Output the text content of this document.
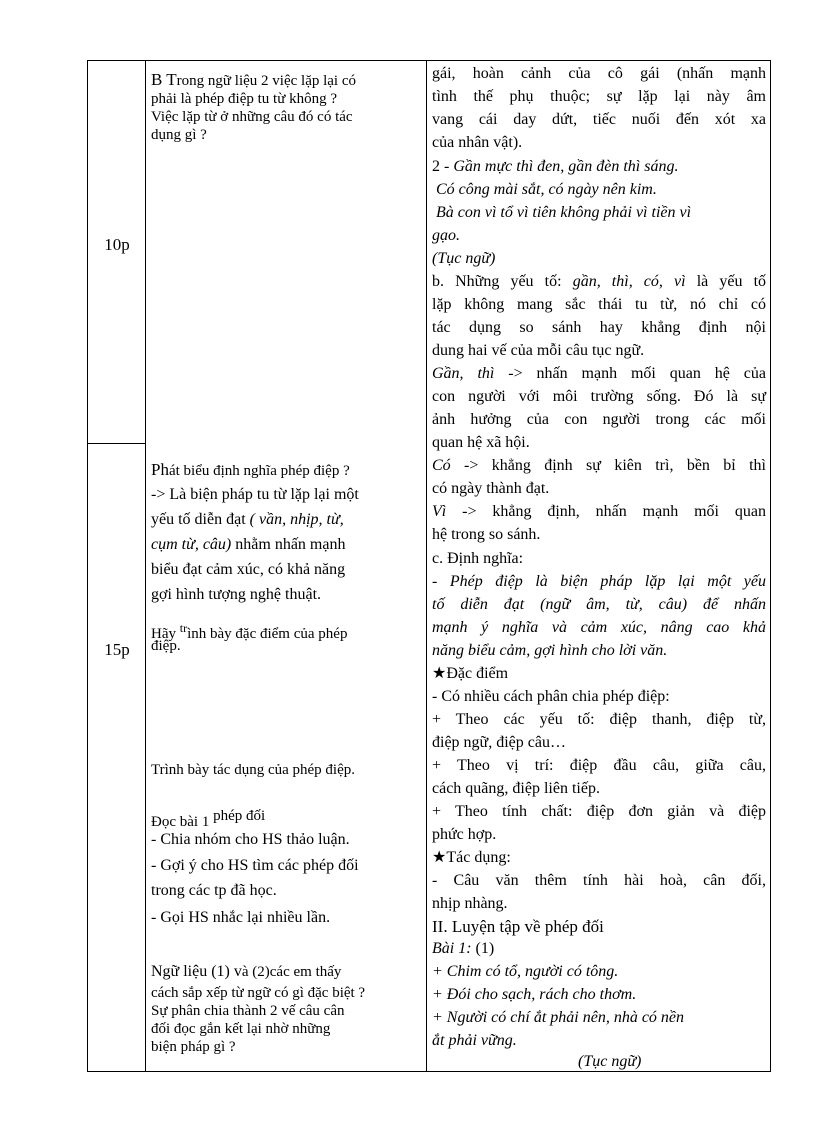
10p
15p
B Trong ngữ liệu 2 việc lặp lại có
phải là phép điệp tu từ không ?
Việc lặp từ ở những câu đó có tác
dụng gì ?
Phát biểu định nghĩa phép điệp ?
-> Là biện pháp tu từ lặp lại một
yếu tố diễn đạt ( vần, nhịp, từ,
cụm từ, câu) nhằm nhấn mạnh
biểu đạt cảm xúc, có khả năng
gợi hình tượng nghệ thuật.
Hãy $^{tr}$ình bày đặc điểm của phép
điệp.
Trình bày tác dụng của phép điệp.
Đọc bài 1 $^{phép đối}$
- Chia nhóm cho HS thảo luận.
- Gợi ý cho HS tìm các phép đối
trong các tp đã học.
- Gọi HS nhắc lại nhiều lần.
Ngữ liệu (1) và (2)các em thấy
cách sắp xếp từ ngữ có gì đặc biệt ?
Sự phân chia thành 2 vế câu cân
đối đọc gắn kết lại nhờ những
biện pháp gì ?
gái, hoàn cảnh của cô gái (nhấn mạnh
tình thế phụ thuộc; sự lặp lại này âm
vang cái day dứt, tiếc nuối đến xót xa
của nhân vật).
2 - Gần mực thì đen, gần đèn thì sáng.
Có công mài sắt, có ngày nên kim.
Bà con vì tổ vì tiên không phải vì tiền vì
gạo.
(Tục ngữ)
b. Những yếu tố: gần, thì, có, vì là yếu tố
lặp không mang sắc thái tu từ, nó chỉ có
tác dụng so sánh hay khẳng định nội
dung hai vế của mỗi câu tục ngữ.
Gần, thì -> nhấn mạnh mối quan hệ của
con người với môi trường sống. Đó là sự
ảnh hưởng của con người trong các mối
quan hệ xã hội.
Có -> khẳng định sự kiên trì, bền bỉ thì
có ngày thành đạt.
Vì -> khẳng định, nhấn mạnh mối quan
hệ trong so sánh.
c. Định nghĩa:
- Phép điệp là biện pháp lặp lại một yếu
tố diễn đạt (ngữ âm, từ, câu) để nhấn
mạnh ý nghĩa và cảm xúc, nâng cao khả
năng biểu cảm, gợi hình cho lời văn.
★Đặc điểm
- Có nhiều cách phân chia phép điệp:
+ Theo các yếu tố: điệp thanh, điệp từ,
điệp ngữ, điệp câu…
+ Theo vị trí: điệp đầu câu, giữa câu,
cách quãng, điệp liên tiếp.
+ Theo tính chất: điệp đơn giản và điệp
phức hợp.
★Tác dụng:
- Câu văn thêm tính hài hoà, cân đối,
nhịp nhàng.
II. Luyện tập về phép đối
Bài 1: (1)
+ Chim có tổ, người có tông.
+ Đói cho sạch, rách cho thơm.
+ Người có chí ắt phải nên, nhà có nền
ắt phải vững.
(Tục ngữ)
